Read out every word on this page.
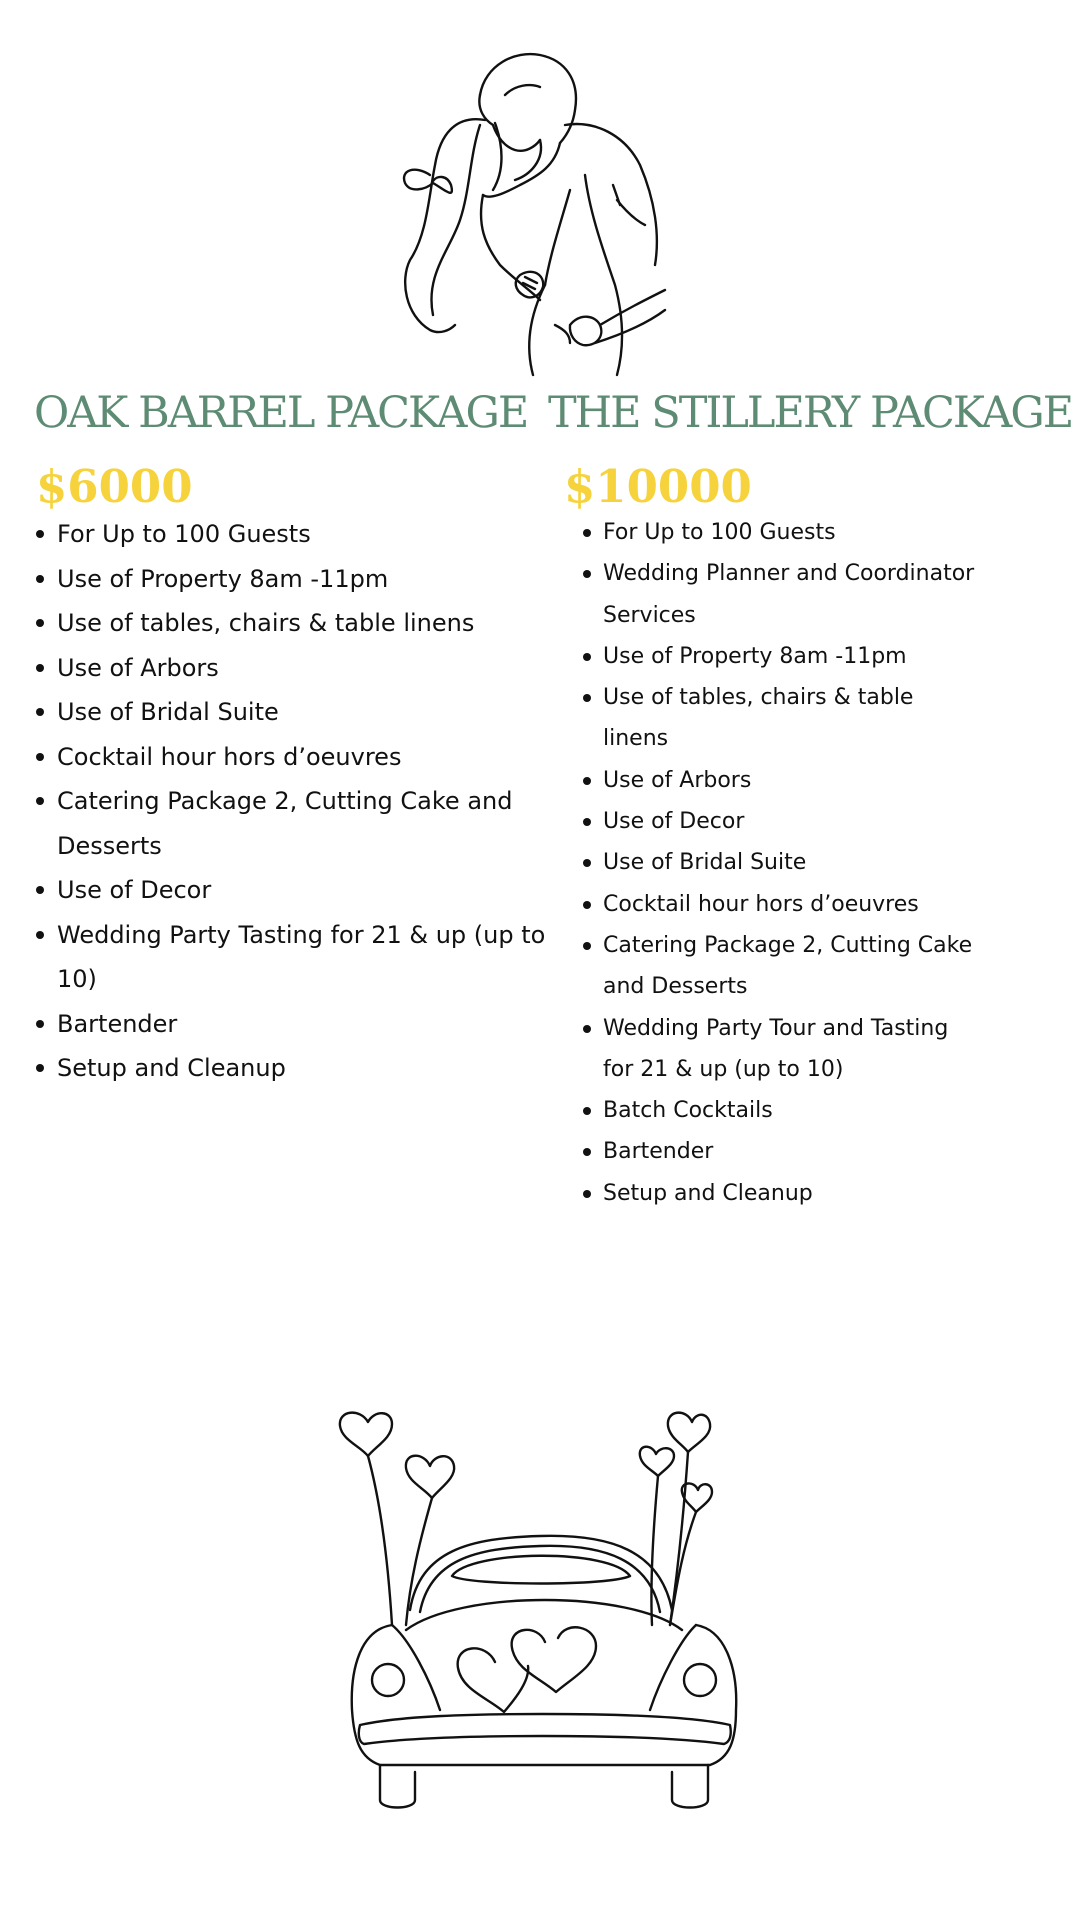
OAK BARREL PACKAGE THE STILLERY PACKAGE
$6000	$10000
For Up to 100 Guests
Use of Property 8am -11pm
Use of tables, chairs & table linens
Use of Arbors
Use of Bridal Suite
Cocktail hour hors d’oeuvres
Catering Package 2, Cutting Cake and Desserts
Use of Decor
Wedding Party Tasting for 21 & up (up to 10)
Bartender
Setup and Cleanup
For Up to 100 Guests
Wedding Planner and Coordinator Services
Use of Property 8am -11pm
Use of tables, chairs & table linens
Use of Arbors
Use of Decor
Use of Bridal Suite
Cocktail hour hors d’oeuvres
Catering Package 2, Cutting Cake and Desserts
Wedding Party Tour and Tasting for 21 & up (up to 10)
Batch Cocktails
Bartender
Setup and Cleanup
